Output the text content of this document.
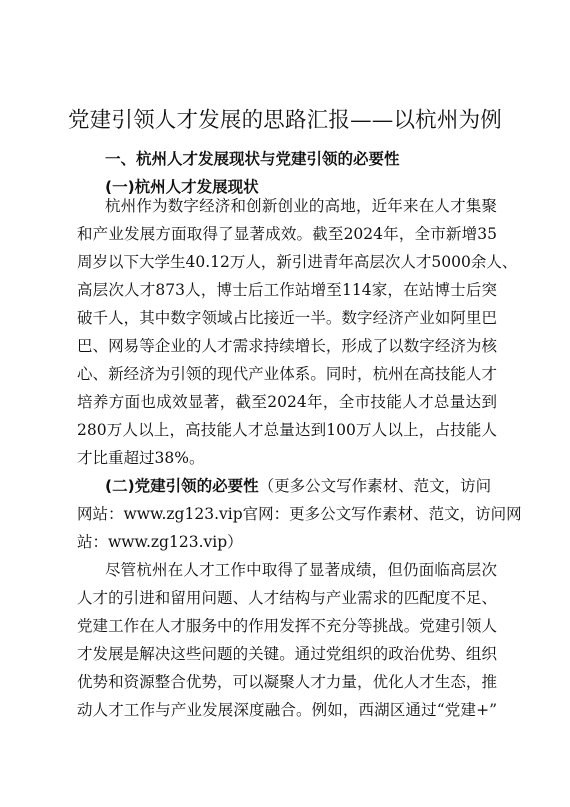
党建引领人才发展的思路汇报——以杭州为例
一、杭州人才发展现状与党建引领的必要性
(一)杭州人才发展现状
杭州作为数字经济和创新创业的高地，近年来在人才集聚
和产业发展方面取得了显著成效。截至2024年，全市新增35
周岁以下大学生40.12万人，新引进青年高层次人才5000余人、
高层次人才873人，博士后工作站增至114家，在站博士后突
破千人，其中数字领域占比接近一半。数字经济产业如阿里巴
巴、网易等企业的人才需求持续增长，形成了以数字经济为核
心、新经济为引领的现代产业体系。同时，杭州在高技能人才
培养方面也成效显著，截至2024年，全市技能人才总量达到
280万人以上，高技能人才总量达到100万人以上，占技能人
才比重超过38%。
(二)党建引领的必要性（更多公文写作素材、范文，访问
网站：www.zg123.vip官网：更多公文写作素材、范文，访问网
站：www.zg123.vip）
尽管杭州在人才工作中取得了显著成绩，但仍面临高层次
人才的引进和留用问题、人才结构与产业需求的匹配度不足、
党建工作在人才服务中的作用发挥不充分等挑战。党建引领人
才发展是解决这些问题的关键。通过党组织的政治优势、组织
优势和资源整合优势，可以凝聚人才力量，优化人才生态，推
动人才工作与产业发展深度融合。例如，西湖区通过“党建+”
